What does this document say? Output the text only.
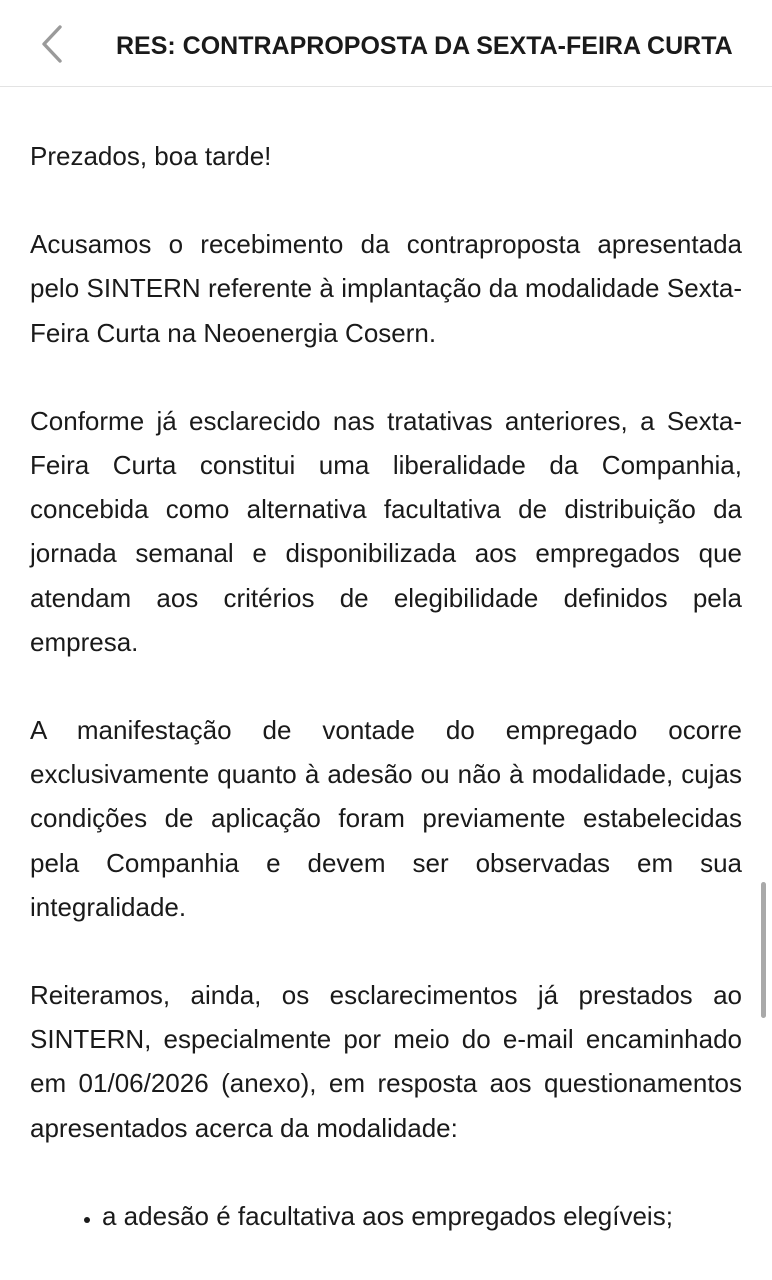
RES: CONTRAPROPOSTA DA SEXTA-FEIRA CURTA

Prezados, boa tarde!

Acusamos o recebimento da contraproposta apresentada pelo SINTERN referente à implantação da modalidade Sexta-Feira Curta na Neoenergia Cosern.

Conforme já esclarecido nas tratativas anteriores, a Sexta-Feira Curta constitui uma liberalidade da Companhia, concebida como alternativa facultativa de distribuição da jornada semanal e disponibilizada aos empregados que atendam aos critérios de elegibilidade definidos pela empresa.

A manifestação de vontade do empregado ocorre exclusivamente quanto à adesão ou não à modalidade, cujas condições de aplicação foram previamente estabelecidas pela Companhia e devem ser observadas em sua integralidade.

Reiteramos, ainda, os esclarecimentos já prestados ao SINTERN, especialmente por meio do e-mail encaminhado em 01/06/2026 (anexo), em resposta aos questionamentos apresentados acerca da modalidade:

• a adesão é facultativa aos empregados elegíveis;
